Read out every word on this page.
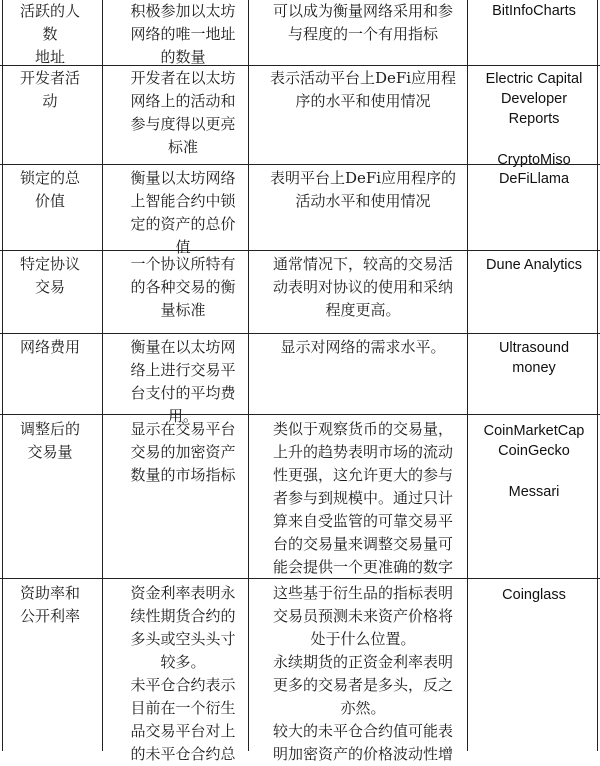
活跃的人
数
地址
积极参加以太坊
网络的唯一地址
的数量
可以成为衡量网络采用和参
与程度的一个有用指标
BitInfoCharts
开发者活
动
开发者在以太坊
网络上的活动和
参与度得以更亮
标准
表示活动平台上DeFi应用程
序的水平和使用情况
Electric Capital
Developer
Reports
CryptoMiso
锁定的总
价值
衡量以太坊网络
上智能合约中锁
定的资产的总价
值
表明平台上DeFi应用程序的
活动水平和使用情况
DeFiLlama
特定协议
交易
一个协议所特有
的各种交易的衡
量标准
通常情况下，较高的交易活
动表明对协议的使用和采纳
程度更高。
Dune Analytics
网络费用	衡量在以太坊网
络上进行交易平
台支付的平均费
用。
显示对网络的需求水平。	Ultrasound
money
调整后的
交易量
显示在交易平台
交易的加密资产
数量的市场指标
类似于观察货币的交易量，
上升的趋势表明市场的流动
性更强，这允许更大的参与
者参与到规模中。通过只计
算来自受监管的可靠交易平
台的交易量来调整交易量可
能会提供一个更准确的数字
CoinMarketCap
CoinGecko
Messari
资助率和
公开利率
资金利率表明永
续性期货合约的
多头或空头头寸
较多。
未平仓合约表示
目前在一个衍生
品交易平台对上
的未平仓合约总
这些基于衍生品的指标表明
交易员预测未来资产价格将
处于什么位置。
永续期货的正资金利率表明
更多的交易者是多头，反之
亦然。
较大的未平仓合约值可能表
明加密资产的价格波动性增
Coinglass
